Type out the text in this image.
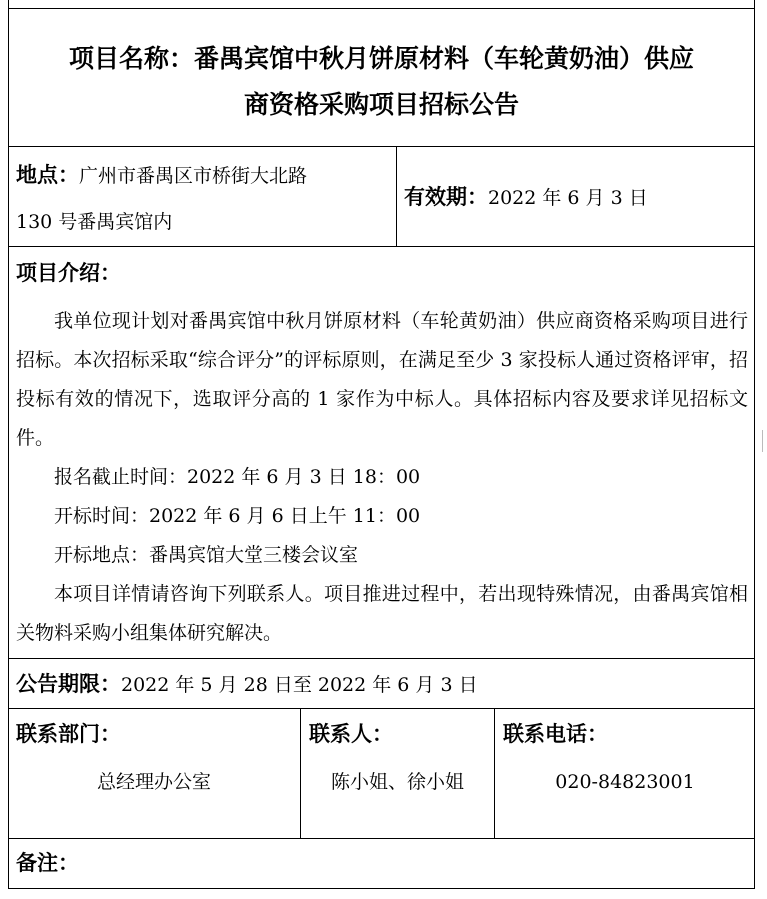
项目名称：番禺宾馆中秋月饼原材料（车轮黄奶油）供应
商资格采购项目招标公告
地点：广州市番禺区市桥街大北路
130 号番禺宾馆内
有效期：2022 年 6 月 3 日
项目介绍：
我单位现计划对番禺宾馆中秋月饼原材料（车轮黄奶油）供应商资格采购项目进行招标。本次招标采取“综合评分”的评标原则，在满足至少 3 家投标人通过资格评审，招投标有效的情况下，选取评分高的 1 家作为中标人。具体招标内容及要求详见招标文件。
报名截止时间：2022 年 6 月 3 日 18：00
开标时间：2022 年 6 月 6 日上午 11：00
开标地点：番禺宾馆大堂三楼会议室
本项目详情请咨询下列联系人。项目推进过程中，若出现特殊情况，由番禺宾馆相关物料采购小组集体研究解决。
公告期限：2022 年 5 月 28 日至 2022 年 6 月 3 日
联系部门：
总经理办公室
联系人：
陈小姐、徐小姐
联系电话：
020-84823001
备注：
